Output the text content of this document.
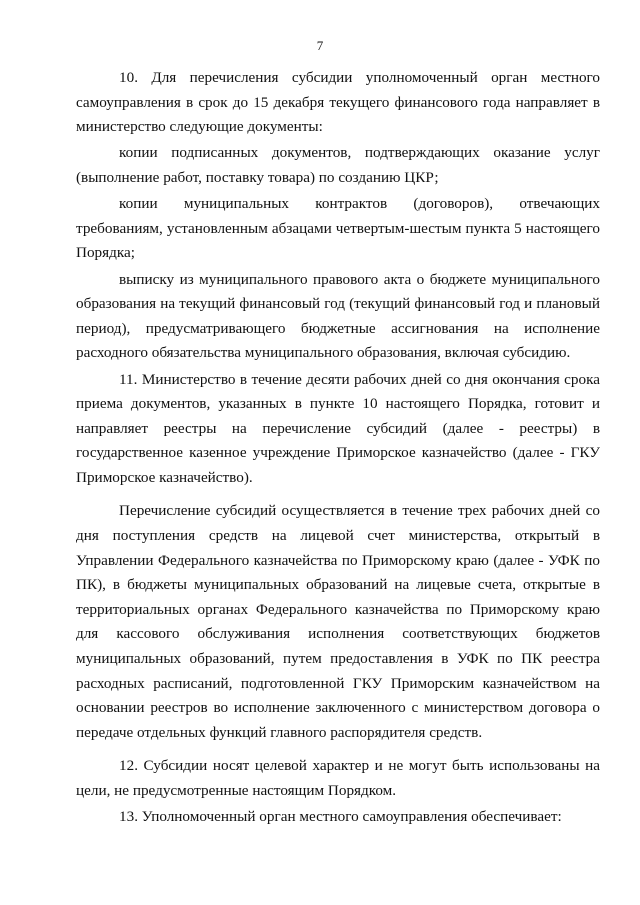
7

10. Для перечисления субсидии уполномоченный орган местного самоуправления в срок до 15 декабря текущего финансового года направляет в министерство следующие документы:

копии подписанных документов, подтверждающих оказание услуг (выполнение работ, поставку товара) по созданию ЦКР;

копии муниципальных контрактов (договоров), отвечающих требованиям, установленным абзацами четвертым-шестым пункта 5 настоящего Порядка;

выписку из муниципального правового акта о бюджете муниципального образования на текущий финансовый год (текущий финансовый год и плановый период), предусматривающего бюджетные ассигнования на исполнение расходного обязательства муниципального образования, включая субсидию.

11. Министерство в течение десяти рабочих дней со дня окончания срока приема документов, указанных в пункте 10 настоящего Порядка, готовит и направляет реестры на перечисление субсидий (далее - реестры) в государственное казенное учреждение Приморское казначейство (далее - ГКУ Приморское казначейство).

Перечисление субсидий осуществляется в течение трех рабочих дней со дня поступления средств на лицевой счет министерства, открытый в Управлении Федерального казначейства по Приморскому краю (далее - УФК по ПК), в бюджеты муниципальных образований на лицевые счета, открытые в территориальных органах Федерального казначейства по Приморскому краю для кассового обслуживания исполнения соответствующих бюджетов муниципальных образований, путем предоставления в УФК по ПК реестра расходных расписаний, подготовленной ГКУ Приморским казначейством на основании реестров во исполнение заключенного с министерством договора о передаче отдельных функций главного распорядителя средств.

12. Субсидии носят целевой характер и не могут быть использованы на цели, не предусмотренные настоящим Порядком.

13. Уполномоченный орган местного самоуправления обеспечивает:
